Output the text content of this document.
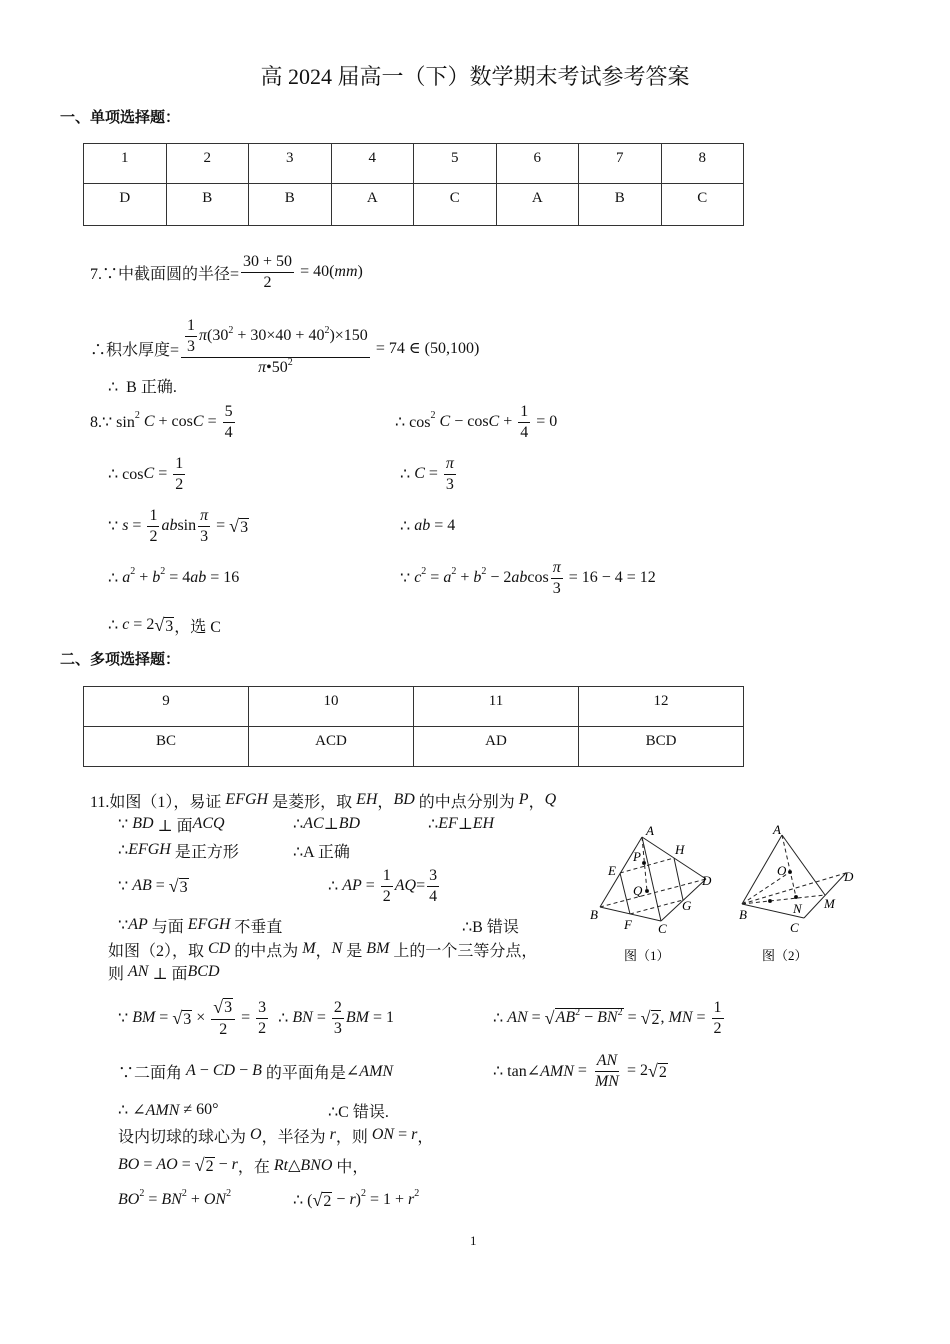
高 2024 届高一（下）数学期末考试参考答案
一、单项选择题：
1	2	3	4	5	6	7	8
D	B	B	A	C	A	B	C
7.∵中截面圆的半径= $\frac{30 + 50}{2} = 40$( mm )
∴积水厚度= $\frac{\frac{1}{3} \pi(30^2 + 30\times 40 + 40^2)\times 150}{\pi•50^2} = 74$ ∈ (50,100)
∴  B 正确.
8.∵ sin 2 $C + \cos C = \frac{5}{4}$	∴ cos 2 $C - \cos C + \frac{1}{4} = 0$
∴ $\cos C = \frac{1}{2}$	∴ $C = \frac{\pi}{3}$
∵ $s = \frac{1}{2}$ ab $\sin \frac{\pi}{3}$ = √ 3	∴ ab = 4
∴ a 2 + b 2 = 4 ab = 16	∵ c 2 = a 2 + b 2 − 2 ab $\cos \frac{\pi}{3} = 16 - 4 = 12$
∴ c = 2 √ 3 ，选 C
二、多项选择题：
9	10	11	12
BC	ACD	AD	BCD
11.如图（1），易证 EFGH 是菱形，取 EH ， BD 的中点分别为 P ， Q
∵ BD ⊥ 面 ACQ	∴ AC ⊥ BD	∴ EF ⊥ EH
∴ EFGH 是正方形	∴A 正确
∵ AB = √ 3	∴ AP = $\frac{1}{2}$ AQ = $\frac{3}{4}$
∵ AP 与面 EFGH 不垂直	∴B 错误
如图（2），取 CD 的中点为 M ， N 是 BM 上的一个三等分点，
则 AN ⊥ 面 BCD
∵ BM = √ $3 \times \frac{√ 3}{2} = \frac{3}{2}$ ∴ BN = $\frac{2}{3}$ BM = 1	∴ AN = √ $AB^2 - BN^2$ = √ 2 , MN = $\frac{1}{2}$
∵二面角 A − CD − B 的平面角是 ∠AMN	∴ tan ∠AMN = $\frac{AN}{MN} = 2$ √ 2
∴ ∠AMN ≠ 60°	∴C 错误.
设内切球的球心为 O ，半径为 r ，则 ON = r ，
BO = AO = √ 2 − r ，在 Rt△BNO 中，
BO 2 = BN 2 + ON 2	∴ ( √ 2 − r ) 2 = 1 + r 2
A
B
C
D
E
F
G
H
P
Q
图（1）
A
B
C
D
M
N
O
图（2）
1
